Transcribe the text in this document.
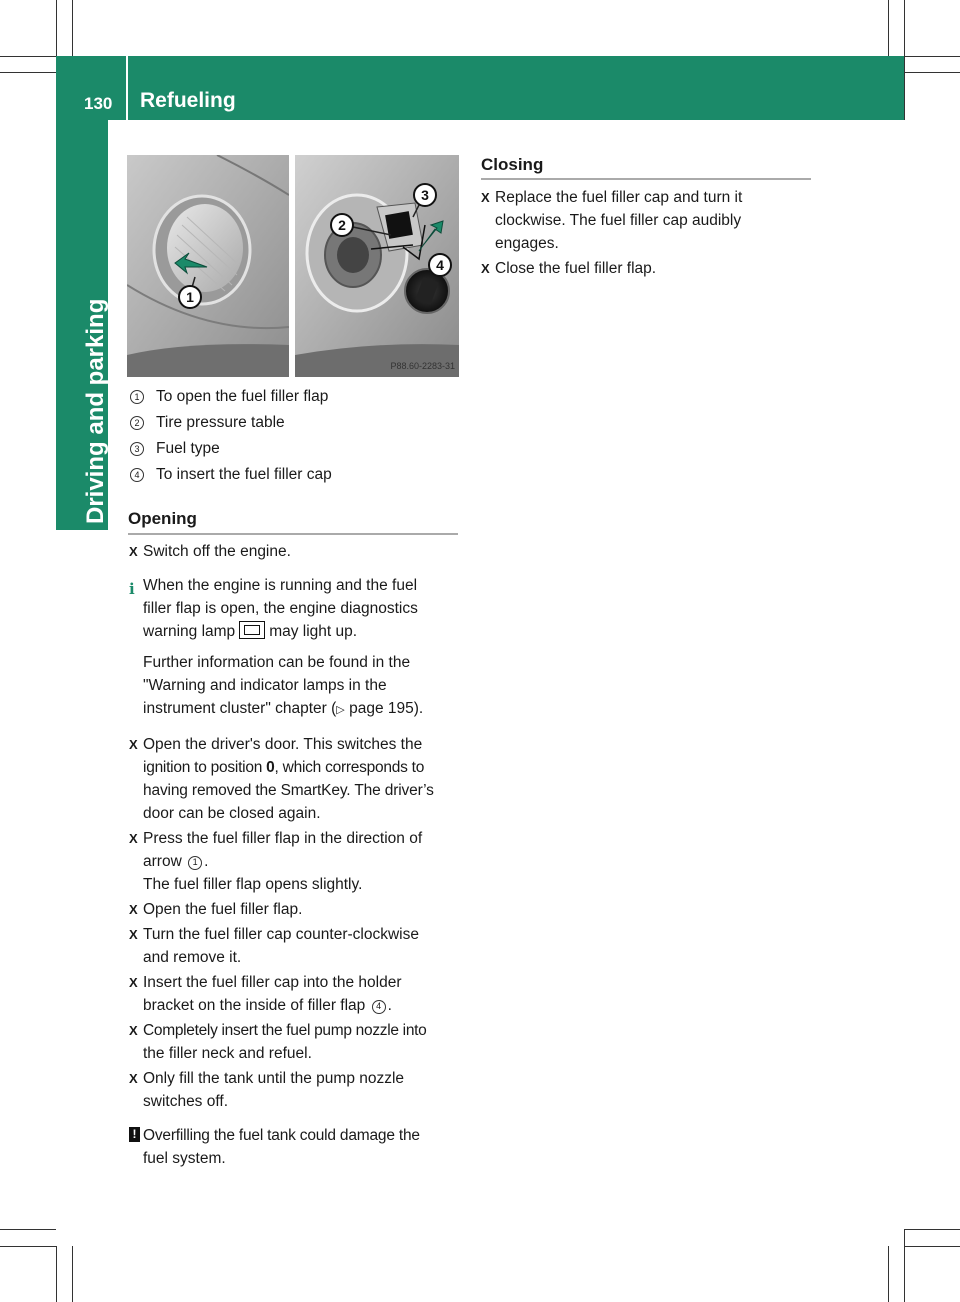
130 Refueling
Driving and parking
1
2
3
4
P88.60-2283-31
1 To open the fuel filler flap
2 Tire pressure table
3 Fuel type
4 To insert the fuel filler cap
Opening
X Switch off the engine.
i When the engine is running and the fuel
filler flap is open, the engine diagnostics
warning lamp may light up.
Further information can be found in the
"Warning and indicator lamps in the
instrument cluster" chapter (▷ page 195).
X Open the driver's door. This switches the
ignition to position 0, which corresponds to
having removed the SmartKey. The driver’s
door can be closed again.
X Press the fuel filler flap in the direction of
arrow 1 .
The fuel filler flap opens slightly.
X Open the fuel filler flap.
X Turn the fuel filler cap counter-clockwise
and remove it.
X Insert the fuel filler cap into the holder
bracket on the inside of filler flap 4 .
X Completely insert the fuel pump nozzle into
the filler neck and refuel.
X Only fill the tank until the pump nozzle
switches off.
! Overfilling the fuel tank could damage the
fuel system.
Closing
X Replace the fuel filler cap and turn it
clockwise. The fuel filler cap audibly
engages.
X Close the fuel filler flap.
